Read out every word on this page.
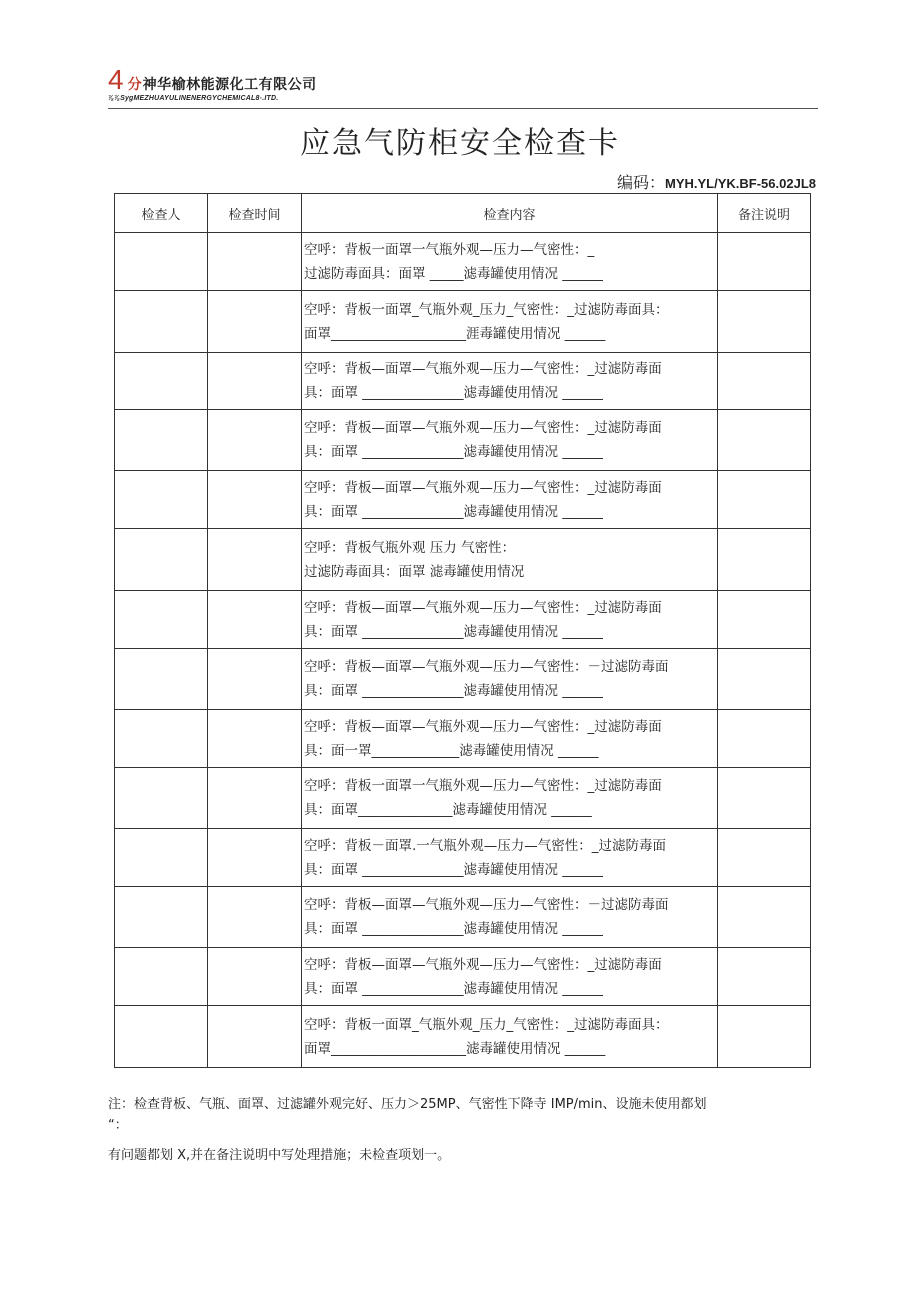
4 分 神华榆林能源化工有限公司
⅞⅞SygMEZHUAYULINENERGYCHEMICAL8◦.ITD.
应急气防柜安全检查卡
编码：MYH.YL/YK.BF-56.02JL8
检查人	检查时间	检查内容	备注说明

		空呼：背板一面罩一气瓶外观—压力—气密性：_
过滤防毒面具：面罩 _____滤毒罐使用情况 ______	

		空呼：背板一面罩_气瓶外观_压力_气密性：_过滤防毒面具：
面罩____________________涯毒罐使用情况 ______	

		空呼：背板—面罩—气瓶外观—压力—气密性：_过滤防毒面
具：面罩 _______________滤毒罐使用情况 ______	

		空呼：背板—面罩—气瓶外观—压力—气密性：_过滤防毒面
具：面罩 _______________滤毒罐使用情况 ______	

		空呼：背板—面罩—气瓶外观—压力—气密性：_过滤防毒面
具：面罩 _______________滤毒罐使用情况 ______	

		空呼：背板气瓶外观 压力 气密性：
过滤防毒面具：面罩 滤毒罐使用情况	

		空呼：背板—面罩—气瓶外观—压力—气密性：_过滤防毒面
具：面罩 _______________滤毒罐使用情况 ______	

		空呼：背板—面罩—气瓶外观—压力—气密性：－过滤防毒面
具：面罩 _______________滤毒罐使用情况 ______	

		空呼：背板—面罩—气瓶外观—压力—气密性：_过滤防毒面
具：面一罩_____________滤毒罐使用情况 ______	

		空呼：背板一面罩一气瓶外观—压力—气密性：_过滤防毒面
具：面罩______________滤毒罐使用情况 ______	

		空呼：背板－面罩.一气瓶外观—压力—气密性：_过滤防毒面
具：面罩 _______________滤毒罐使用情况 ______	

		空呼：背板—面罩—气瓶外观—压力—气密性：－过滤防毒面
具：面罩 _______________滤毒罐使用情况 ______	

		空呼：背板—面罩—气瓶外观—压力—气密性：_过滤防毒面
具：面罩 _______________滤毒罐使用情况 ______	

		空呼：背板一面罩_气瓶外观_压力_气密性：_过滤防毒面具：
面罩____________________滤毒罐使用情况 ______	

注：检查背板、气瓶、面罩、过滤罐外观完好、压力＞25MP、气密性下降寺 IMP/min、设施未使用都划

“：

有问题都划 X,并在备注说明中写处理措施；未检查项划一。
